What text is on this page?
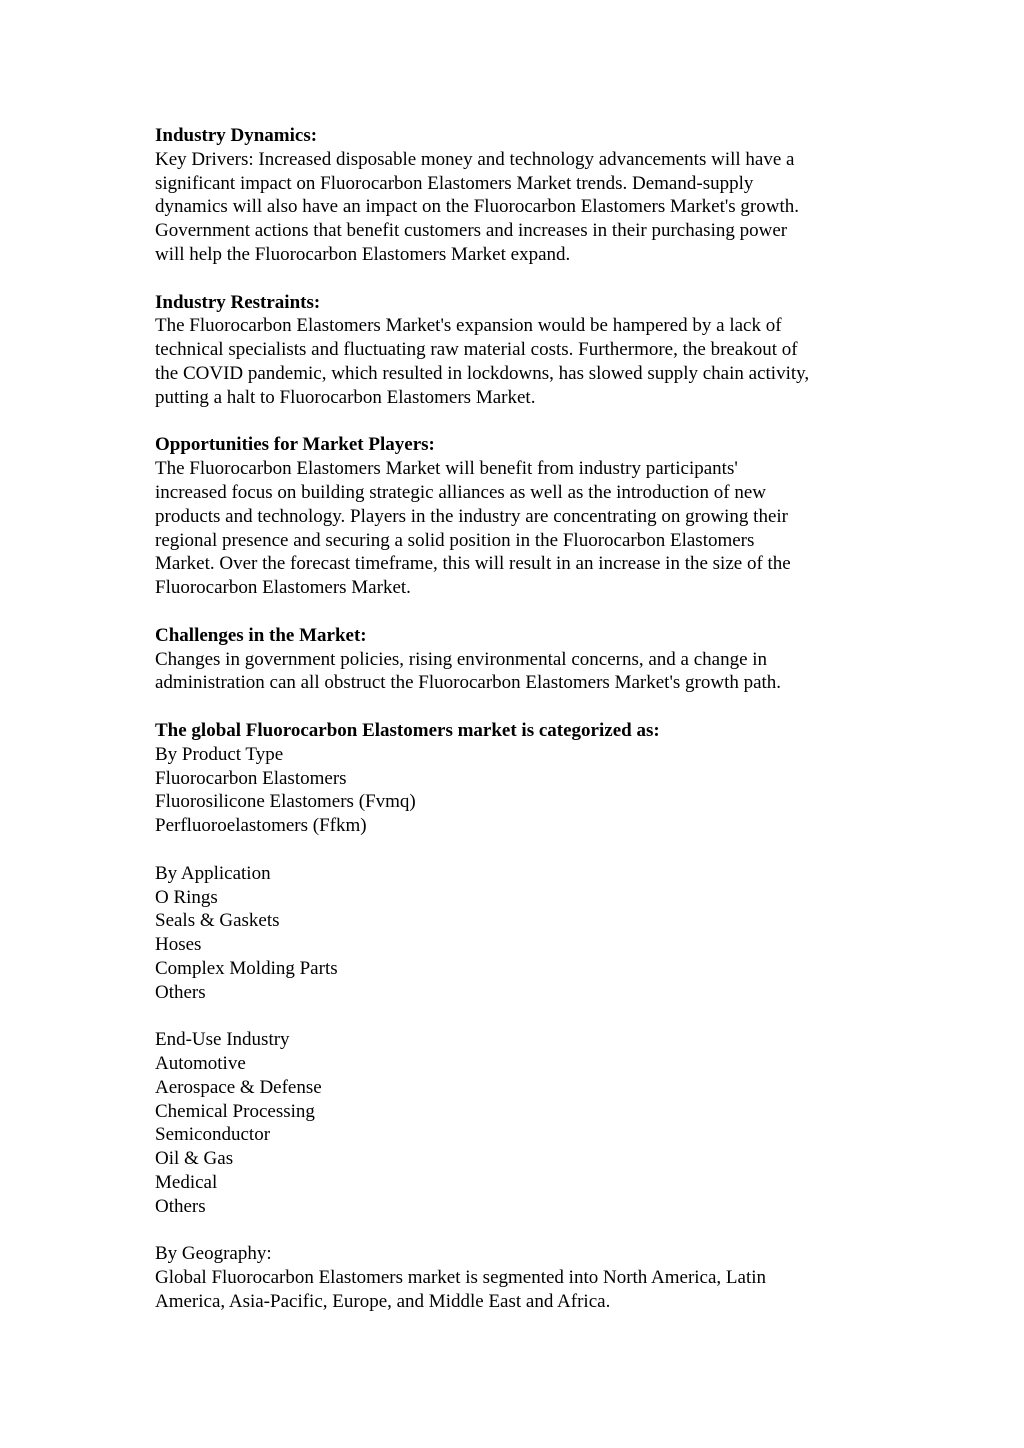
Industry Dynamics:
Key Drivers: Increased disposable money and technology advancements will have a
significant impact on Fluorocarbon Elastomers Market trends. Demand-supply
dynamics will also have an impact on the Fluorocarbon Elastomers Market's growth.
Government actions that benefit customers and increases in their purchasing power
will help the Fluorocarbon Elastomers Market expand.
Industry Restraints:
The Fluorocarbon Elastomers Market's expansion would be hampered by a lack of
technical specialists and fluctuating raw material costs. Furthermore, the breakout of
the COVID pandemic, which resulted in lockdowns, has slowed supply chain activity,
putting a halt to Fluorocarbon Elastomers Market.
Opportunities for Market Players:
The Fluorocarbon Elastomers Market will benefit from industry participants'
increased focus on building strategic alliances as well as the introduction of new
products and technology. Players in the industry are concentrating on growing their
regional presence and securing a solid position in the Fluorocarbon Elastomers
Market. Over the forecast timeframe, this will result in an increase in the size of the
Fluorocarbon Elastomers Market.
Challenges in the Market:
Changes in government policies, rising environmental concerns, and a change in
administration can all obstruct the Fluorocarbon Elastomers Market's growth path.
The global Fluorocarbon Elastomers market is categorized as:
By Product Type
Fluorocarbon Elastomers
Fluorosilicone Elastomers (Fvmq)
Perfluoroelastomers (Ffkm)
By Application
O Rings
Seals & Gaskets
Hoses
Complex Molding Parts
Others
End-Use Industry
Automotive
Aerospace & Defense
Chemical Processing
Semiconductor
Oil & Gas
Medical
Others
By Geography:
Global Fluorocarbon Elastomers market is segmented into North America, Latin
America, Asia-Pacific, Europe, and Middle East and Africa.
